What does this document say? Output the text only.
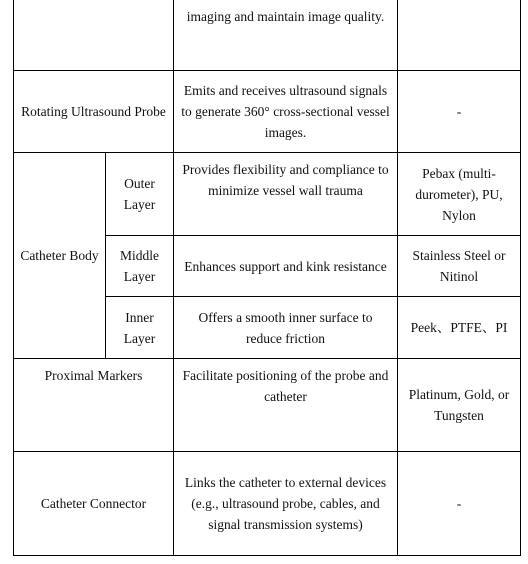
		imaging and maintain image quality.	
Rotating Ultrasound Probe		Emits and receives ultrasound signals to generate 360° cross-sectional vessel images.	-
Catheter Body	Outer Layer	Provides flexibility and compliance to minimize vessel wall trauma	Pebax (multi-durometer), PU, Nylon
	Middle Layer	Enhances support and kink resistance	Stainless Steel or Nitinol
	Inner Layer	Offers a smooth inner surface to reduce friction	Peek、PTFE、PI
Proximal Markers		Facilitate positioning of the probe and catheter	Platinum, Gold, or Tungsten
Catheter Connector		Links the catheter to external devices (e.g., ultrasound probe, cables, and signal transmission systems)	-
